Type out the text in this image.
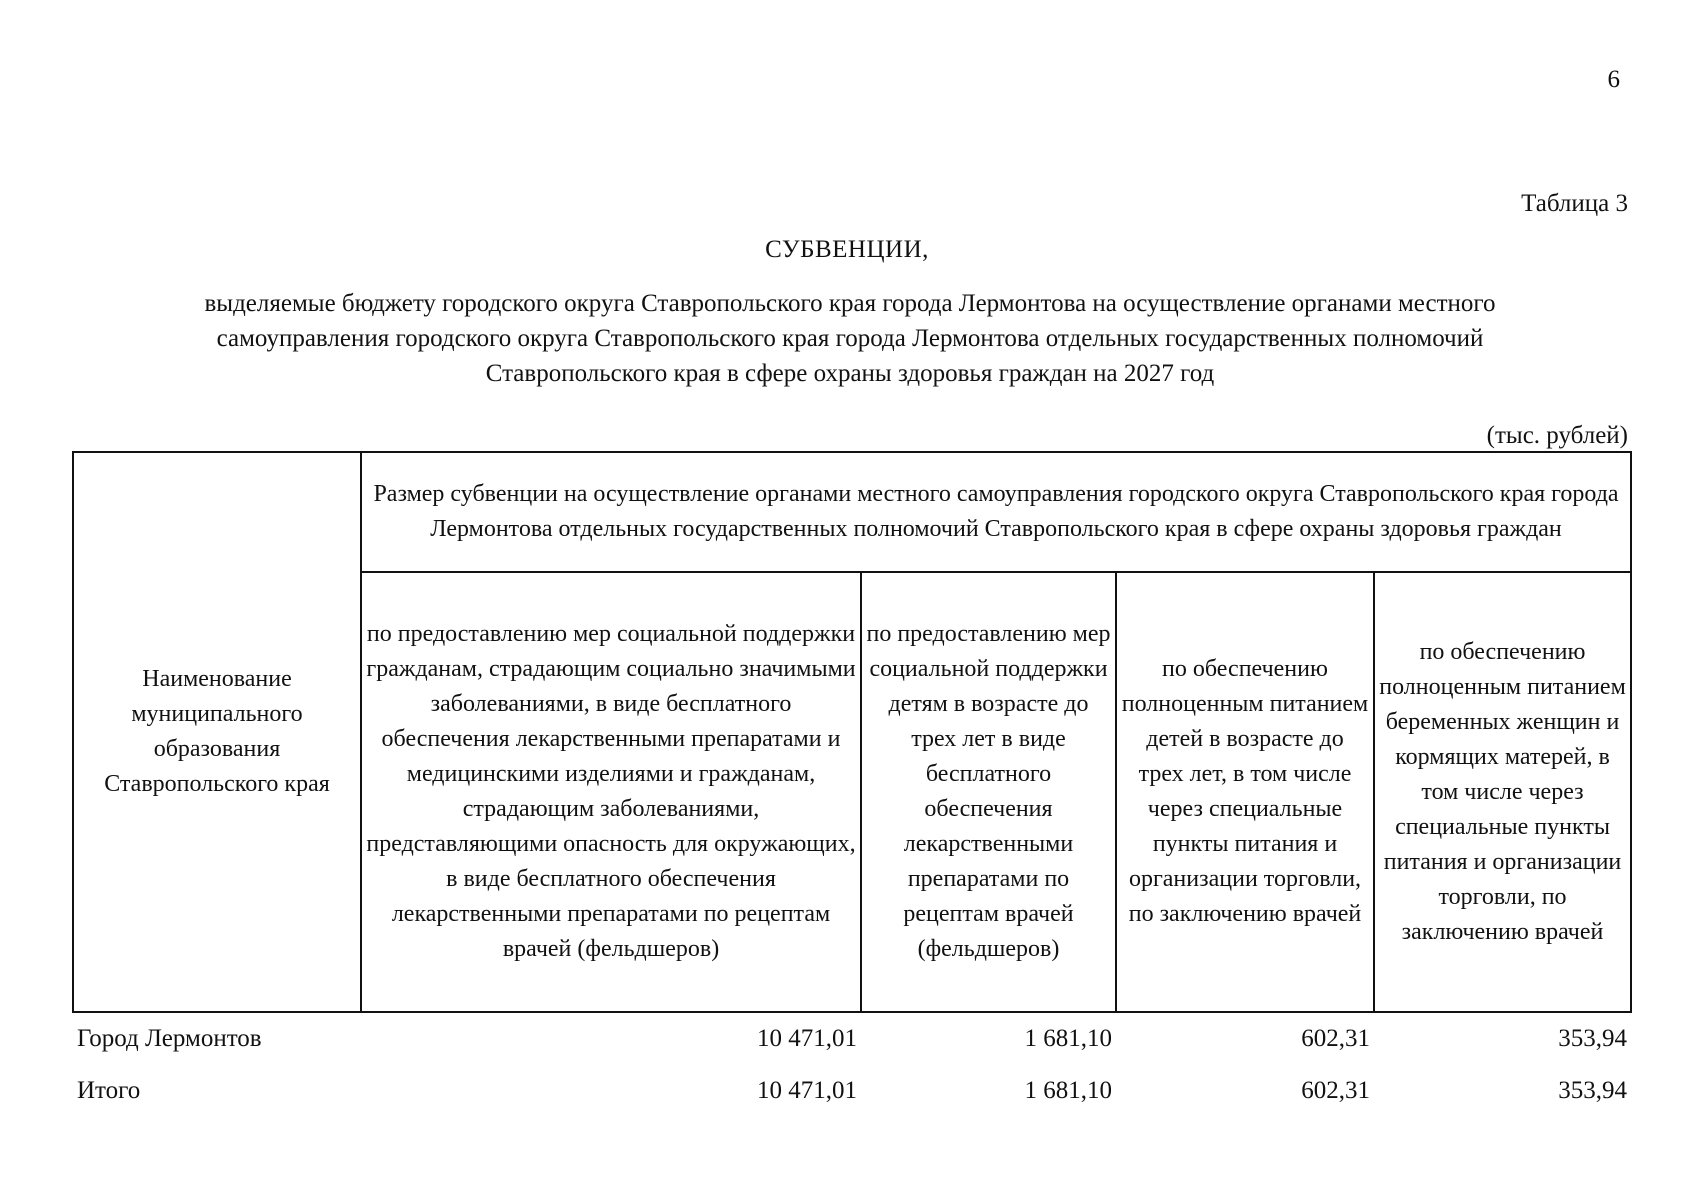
6
Таблица 3
СУБВЕНЦИИ,
выделяемые бюджету городского округа Ставропольского края города Лермонтова на осуществление органами местного
самоуправления городского округа Ставропольского края города Лермонтова отдельных государственных полномочий
Ставропольского края в сфере охраны здоровья граждан на 2027 год
(тыс. рублей)
Наименование муниципального образования Ставропольского края	Размер субвенции на осуществление органами местного самоуправления городского округа Ставропольского края города Лермонтова отдельных государственных полномочий Ставропольского края в сфере охраны здоровья граждан			
	по предоставлению мер социальной поддержки гражданам, страдающим социально значимыми заболеваниями, в виде бесплатного обеспечения лекарственными препаратами и медицинскими изделиями и гражданам, страдающим заболеваниями, представляющими опасность для окружающих, в виде бесплатного обеспечения лекарственными препаратами по рецептам врачей (фельдшеров)	по предоставлению мер социальной поддержки детям в возрасте до трех лет в виде бесплатного обеспечения лекарственными препаратами по рецептам врачей (фельдшеров)	по обеспечению полноценным питанием детей в возрасте до трех лет, в том числе через специальные пункты питания и организации торговли, по заключению врачей	по обеспечению полноценным питанием беременных женщин и кормящих матерей, в том числе через специальные пункты питания и организации торговли, по заключению врачей
Город Лермонтов	10 471,01	1 681,10	602,31	353,94
Итого	10 471,01	1 681,10	602,31	353,94
